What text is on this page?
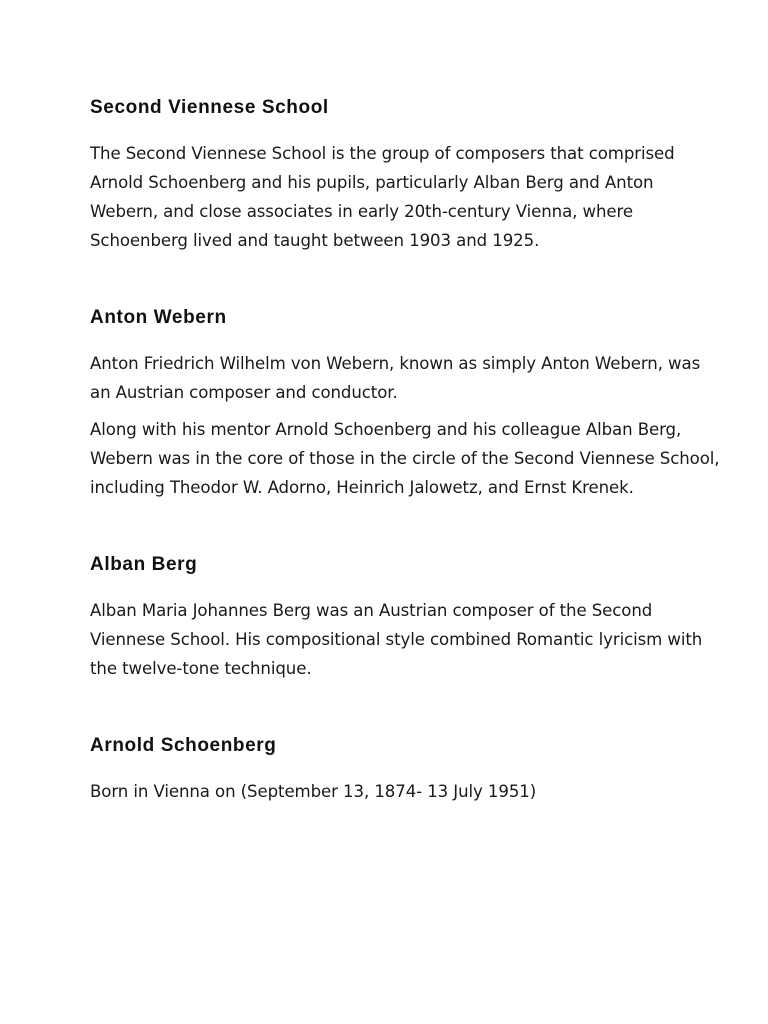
Second Viennese School

The Second Viennese School is the group of composers that comprised Arnold Schoenberg and his pupils, particularly Alban Berg and Anton Webern, and close associates in early 20th-century Vienna, where Schoenberg lived and taught between 1903 and 1925.

Anton Webern

Anton Friedrich Wilhelm von Webern, known as simply Anton Webern, was an Austrian composer and conductor.

Along with his mentor Arnold Schoenberg and his colleague Alban Berg, Webern was in the core of those in the circle of the Second Viennese School, including Theodor W. Adorno, Heinrich Jalowetz, and Ernst Krenek.

Alban Berg

Alban Maria Johannes Berg was an Austrian composer of the Second Viennese School. His compositional style combined Romantic lyricism with the twelve-tone technique.

Arnold Schoenberg

Born in Vienna on (September 13, 1874- 13 July 1951)
